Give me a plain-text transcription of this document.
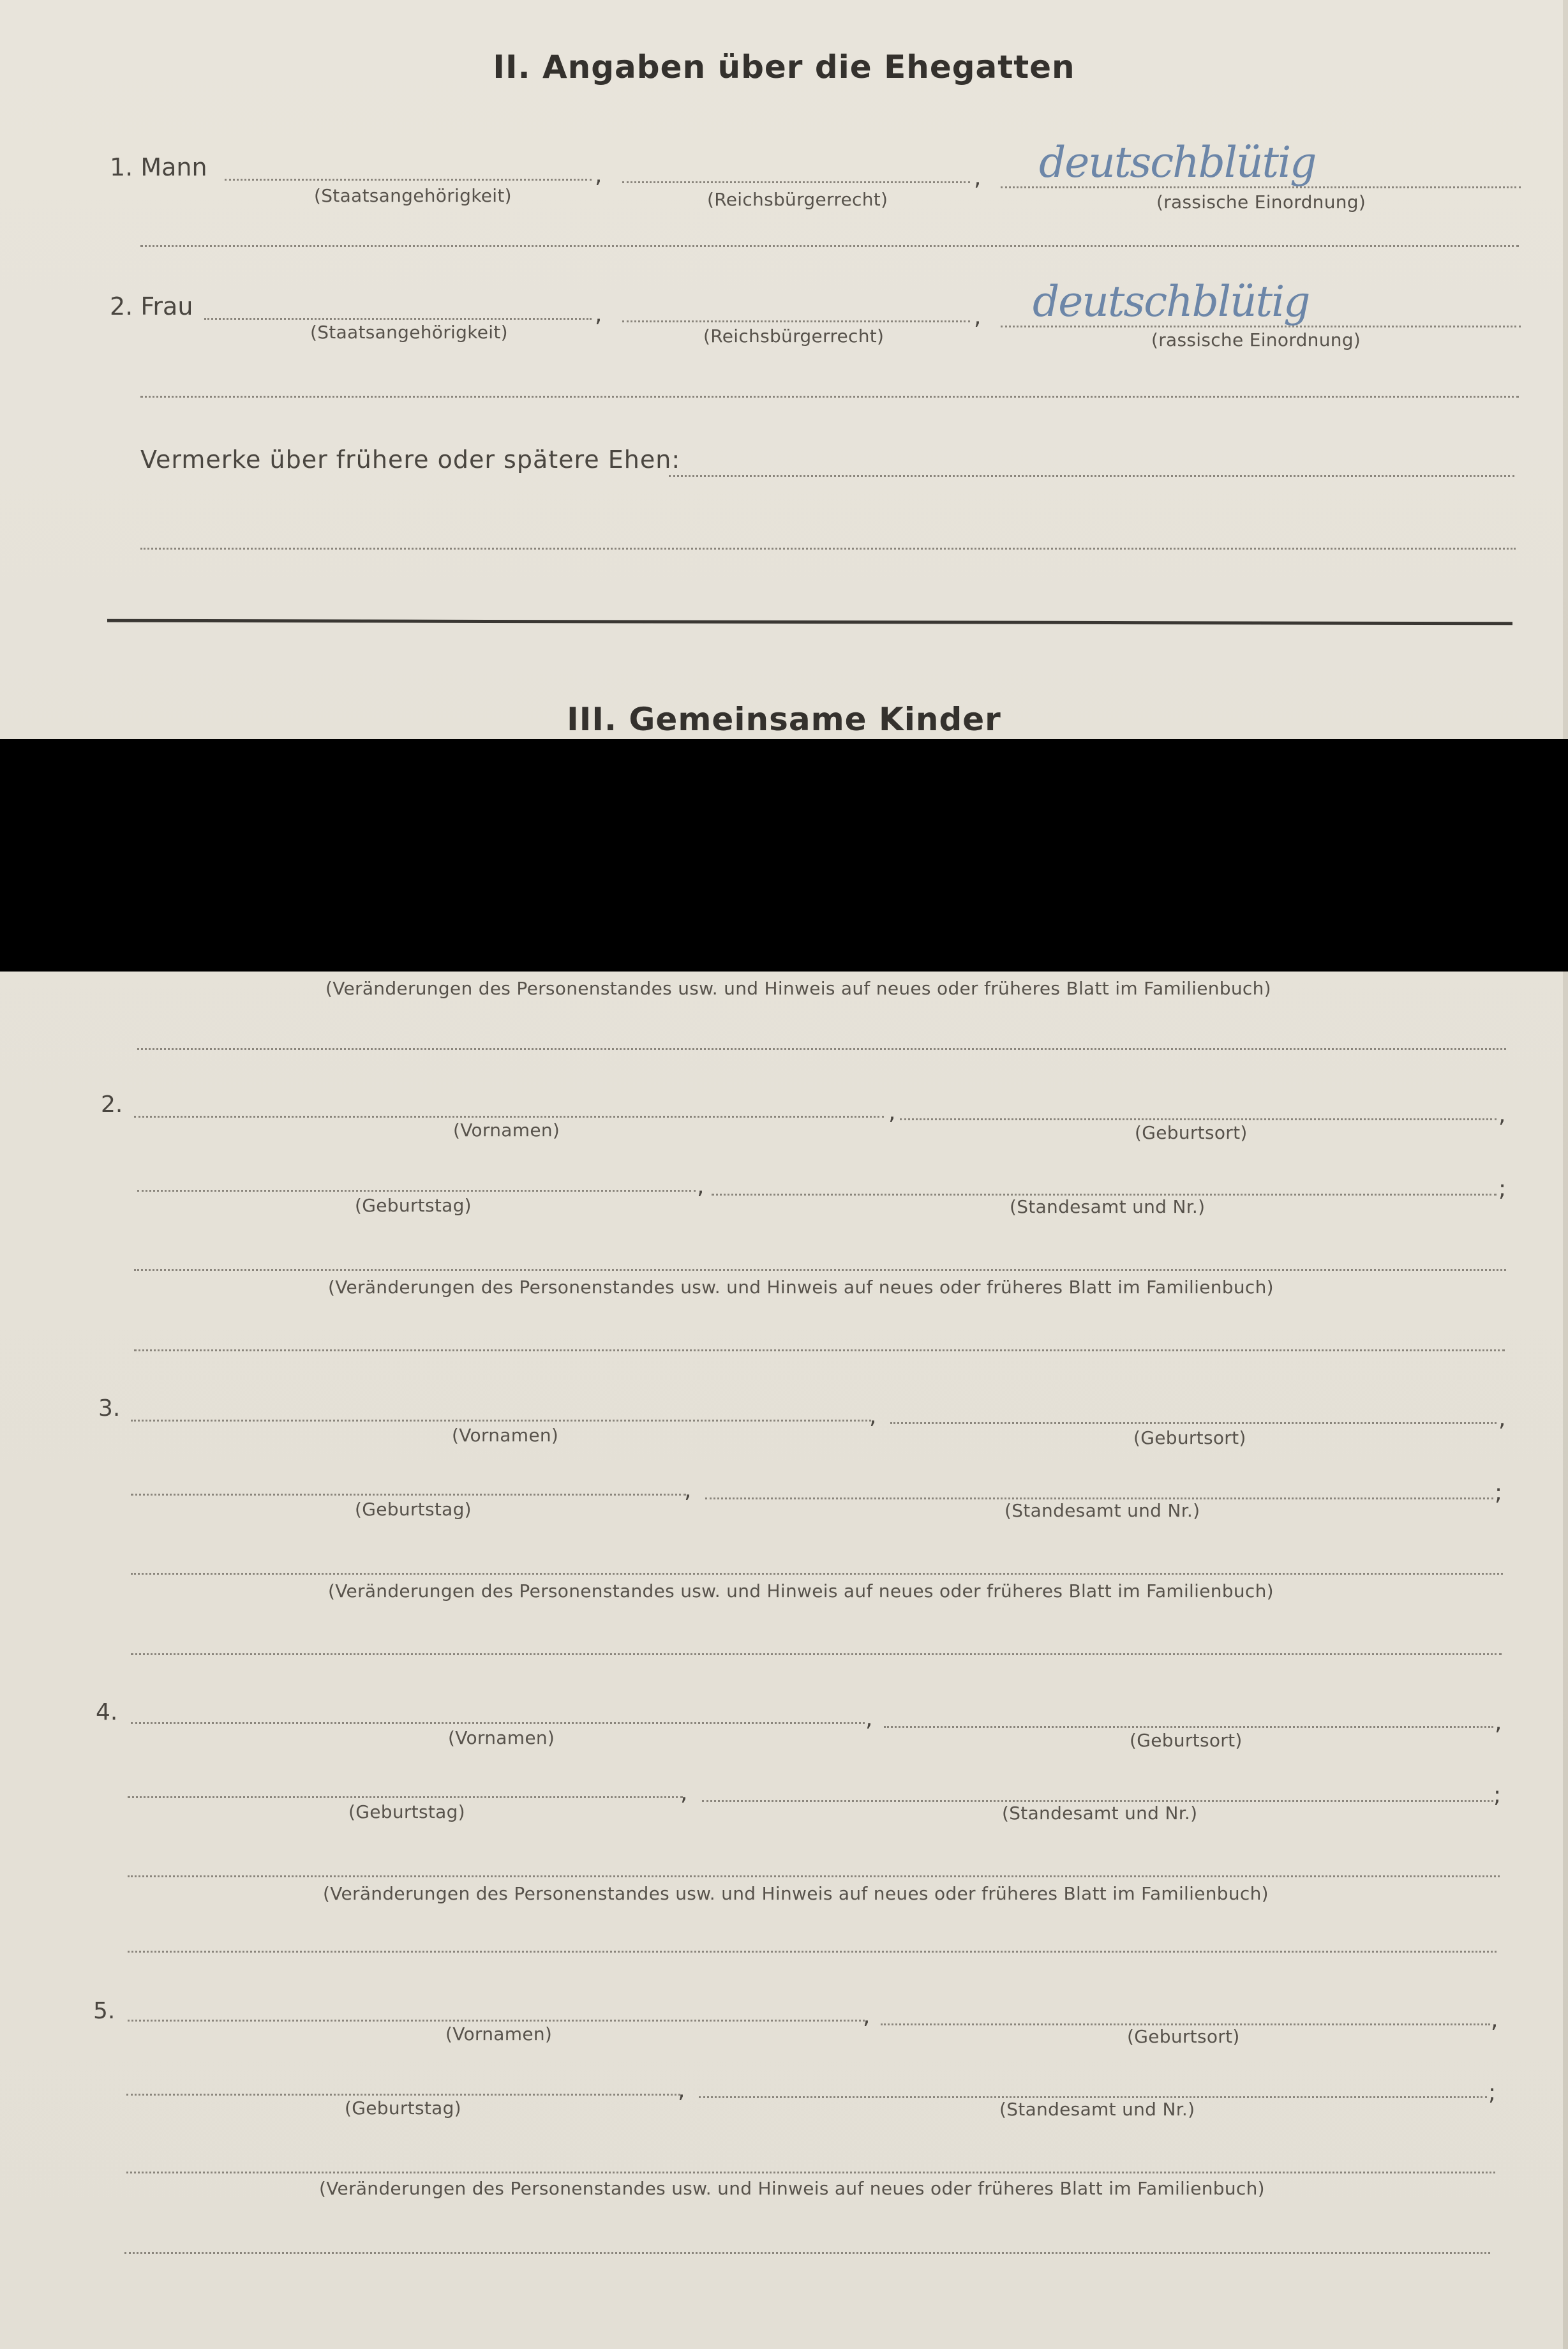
II. Angaben über die Ehegatten
1. Mann	,	, deutschblütig
(Staatsangehörigkeit)	(Reichsbürgerrecht)	(rassische Einordnung)
2. Frau	,	, deutschblütig
(Staatsangehörigkeit)	(Reichsbürgerrecht)	(rassische Einordnung)
Vermerke über frühere oder spätere Ehen:
III. Gemeinsame Kinder
(Veränderungen des Personenstandes usw. und Hinweis auf neues oder früheres Blatt im Familienbuch)
2.	,	,
(Vornamen)	(Geburtsort)
,	;
(Geburtstag)	(Standesamt und Nr.)
(Veränderungen des Personenstandes usw. und Hinweis auf neues oder früheres Blatt im Familienbuch)
3.	,	,
(Vornamen)	(Geburtsort)
,	;
(Geburtstag)	(Standesamt und Nr.)
(Veränderungen des Personenstandes usw. und Hinweis auf neues oder früheres Blatt im Familienbuch)
4.	,	,
(Vornamen)	(Geburtsort)
,	;
(Geburtstag)	(Standesamt und Nr.)
(Veränderungen des Personenstandes usw. und Hinweis auf neues oder früheres Blatt im Familienbuch)
5.	,	,
(Vornamen)	(Geburtsort)
,	;
(Geburtstag)	(Standesamt und Nr.)
(Veränderungen des Personenstandes usw. und Hinweis auf neues oder früheres Blatt im Familienbuch)
